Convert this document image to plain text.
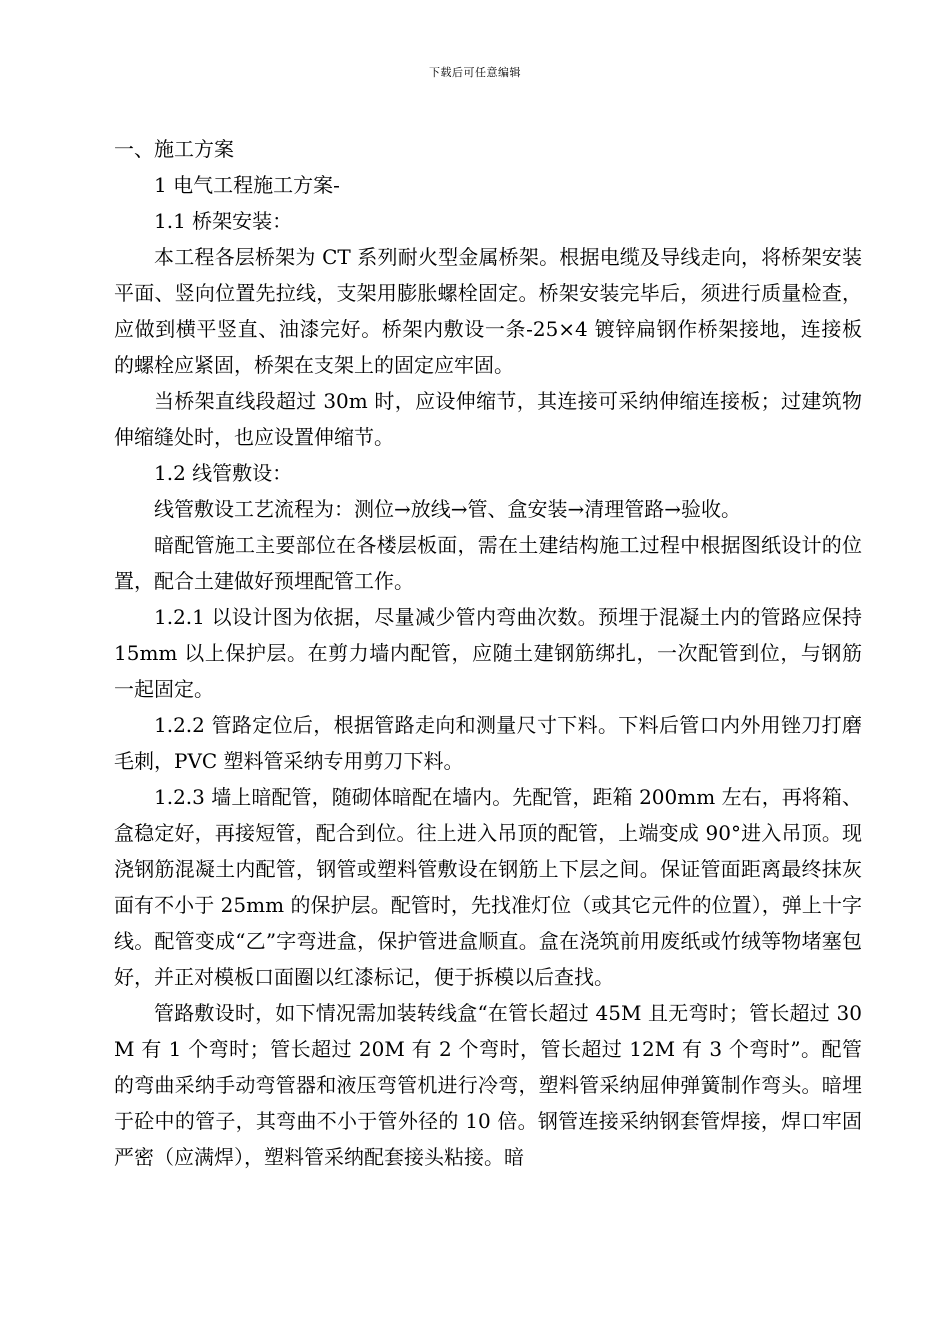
下载后可任意编辑

一、施工方案

1 电气工程施工方案-

1.1 桥架安装：

本工程各层桥架为 CT 系列耐火型金属桥架。根据电缆及导线走向，将桥架安装平面、竖向位置先拉线，支架用膨胀螺栓固定。桥架安装完毕后，须进行质量检查，应做到横平竖直、油漆完好。桥架内敷设一条-25×4 镀锌扁钢作桥架接地，连接板的螺栓应紧固，桥架在支架上的固定应牢固。

当桥架直线段超过 30m 时，应设伸缩节，其连接可采纳伸缩连接板；过建筑物伸缩缝处时，也应设置伸缩节。

1.2 线管敷设：

线管敷设工艺流程为：测位→放线→管、盒安装→清理管路→验收。

暗配管施工主要部位在各楼层板面，需在土建结构施工过程中根据图纸设计的位置，配合土建做好预埋配管工作。

1.2.1 以设计图为依据，尽量减少管内弯曲次数。预埋于混凝土内的管路应保持 15mm 以上保护层。在剪力墙内配管，应随土建钢筋绑扎，一次配管到位，与钢筋一起固定。

1.2.2 管路定位后，根据管路走向和测量尺寸下料。下料后管口内外用锉刀打磨毛刺，PVC 塑料管采纳专用剪刀下料。

1.2.3 墙上暗配管，随砌体暗配在墙内。先配管，距箱 200mm 左右，再将箱、盒稳定好，再接短管，配合到位。往上进入吊顶的配管，上端变成 90°进入吊顶。现浇钢筋混凝土内配管，钢管或塑料管敷设在钢筋上下层之间。保证管面距离最终抹灰面有不小于 25mm 的保护层。配管时，先找准灯位（或其它元件的位置），弹上十字线。配管变成“乙”字弯进盒，保护管进盒顺直。盒在浇筑前用废纸或竹绒等物堵塞包好，并正对模板口面圈以红漆标记，便于拆模以后查找。

管路敷设时，如下情况需加装转线盒“在管长超过 45M 且无弯时；管长超过 30M 有 1 个弯时；管长超过 20M 有 2 个弯时，管长超过 12M 有 3 个弯时”。配管的弯曲采纳手动弯管器和液压弯管机进行冷弯，塑料管采纳屈伸弹簧制作弯头。暗埋于砼中的管子，其弯曲不小于管外径的 10 倍。钢管连接采纳钢套管焊接，焊口牢固严密（应满焊），塑料管采纳配套接头粘接。暗
